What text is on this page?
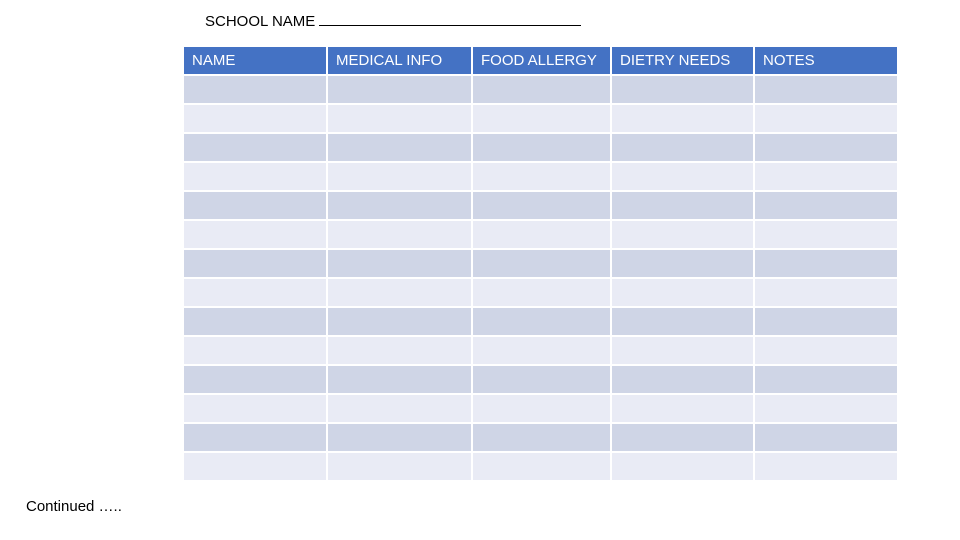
SCHOOL NAME
NAME	MEDICAL INFO	FOOD ALLERGY	DIETRY NEEDS	NOTES

Continued …..
